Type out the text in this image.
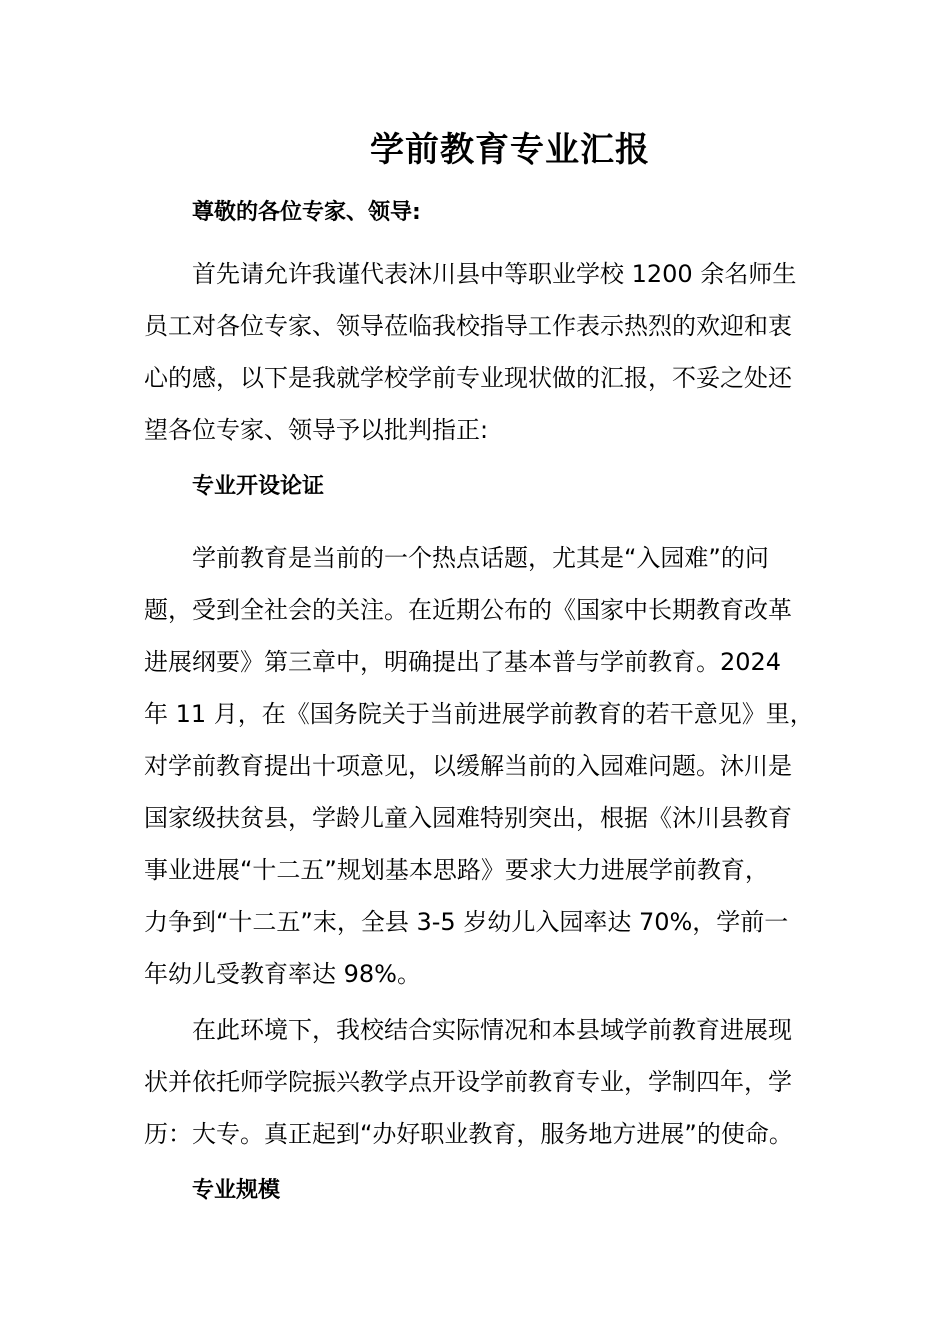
学前教育专业汇报
尊敬的各位专家、领导:
首先请允许我谨代表沐川县中等职业学校 1200 余名师生
员工对各位专家、领导莅临我校指导工作表示热烈的欢迎和衷
心的感，以下是我就学校学前专业现状做的汇报，不妥之处还
望各位专家、领导予以批判指正:
专业开设论证
学前教育是当前的一个热点话题，尤其是“入园难”的问
题，受到全社会的关注。在近期公布的《国家中长期教育改革
进展纲要》第三章中，明确提出了基本普与学前教育。2024
年 11 月，在《国务院关于当前进展学前教育的若干意见》里，
对学前教育提出十项意见，以缓解当前的入园难问题。沐川是
国家级扶贫县，学龄儿童入园难特别突出，根据《沐川县教育
事业进展“十二五”规划基本思路》要求大力进展学前教育，
力争到“十二五”末，全县 3-5 岁幼儿入园率达 70%，学前一
年幼儿受教育率达 98%。
在此环境下，我校结合实际情况和本县域学前教育进展现
状并依托师学院振兴教学点开设学前教育专业，学制四年，学
历：大专。真正起到“办好职业教育，服务地方进展”的使命。
专业规模
